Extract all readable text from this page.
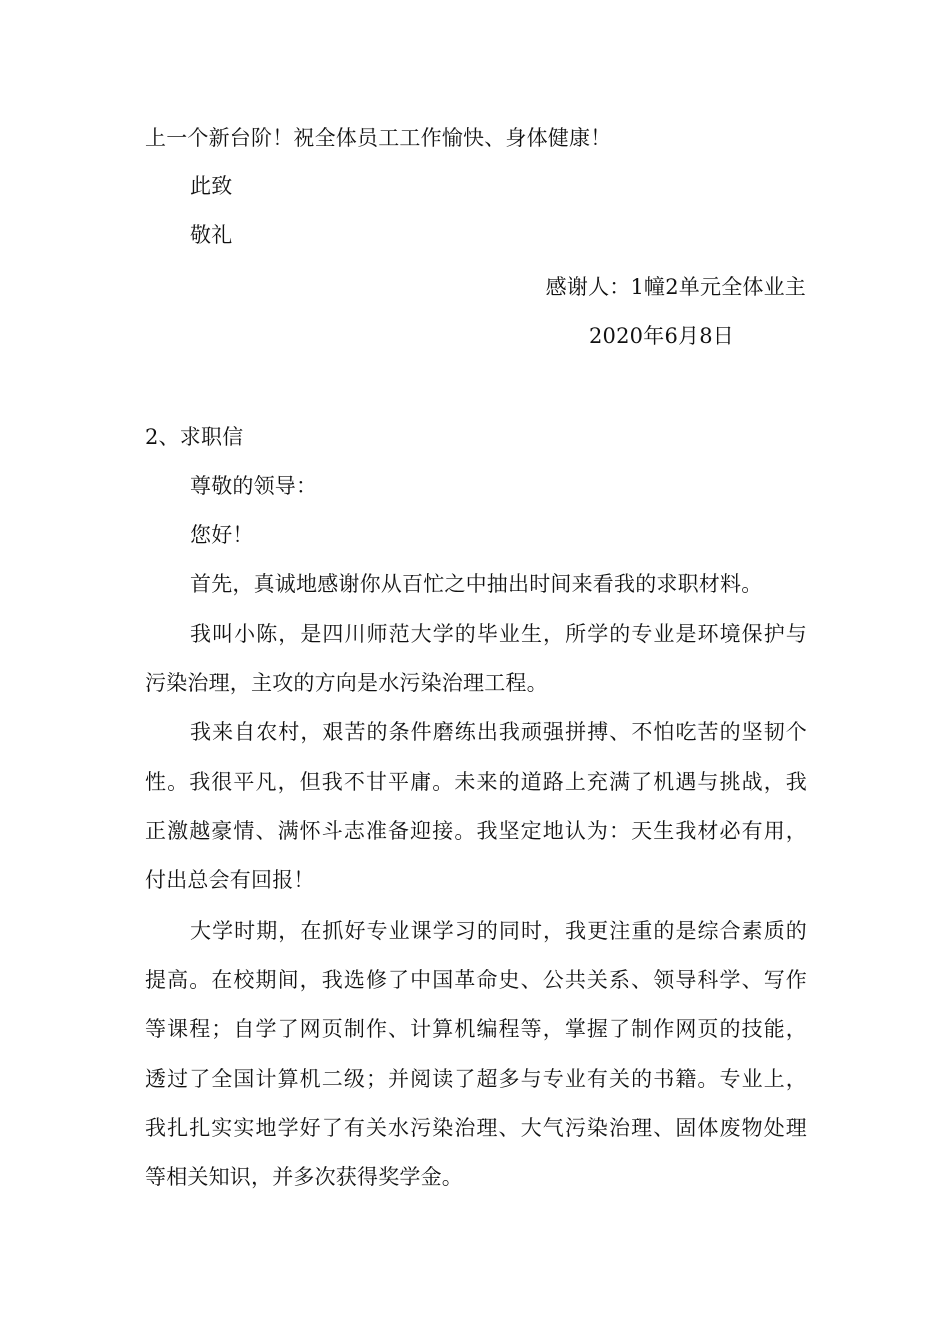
上一个新台阶！祝全体员工工作愉快、身体健康！
此致
敬礼
感谢人：1幢2单元全体业主
2020年6月8日
2、求职信
尊敬的领导：
您好！
首先，真诚地感谢你从百忙之中抽出时间来看我的求职材料。
我叫小陈，是四川师范大学的毕业生，所学的专业是环境保护与
污染治理，主攻的方向是水污染治理工程。
我来自农村，艰苦的条件磨练出我顽强拼搏、不怕吃苦的坚韧个
性。我很平凡，但我不甘平庸。未来的道路上充满了机遇与挑战，我
正激越豪情、满怀斗志准备迎接。我坚定地认为：天生我材必有用，
付出总会有回报！
大学时期，在抓好专业课学习的同时，我更注重的是综合素质的
提高。在校期间，我选修了中国革命史、公共关系、领导科学、写作
等课程；自学了网页制作、计算机编程等，掌握了制作网页的技能，
透过了全国计算机二级；并阅读了超多与专业有关的书籍。专业上，
我扎扎实实地学好了有关水污染治理、大气污染治理、固体废物处理
等相关知识，并多次获得奖学金。
